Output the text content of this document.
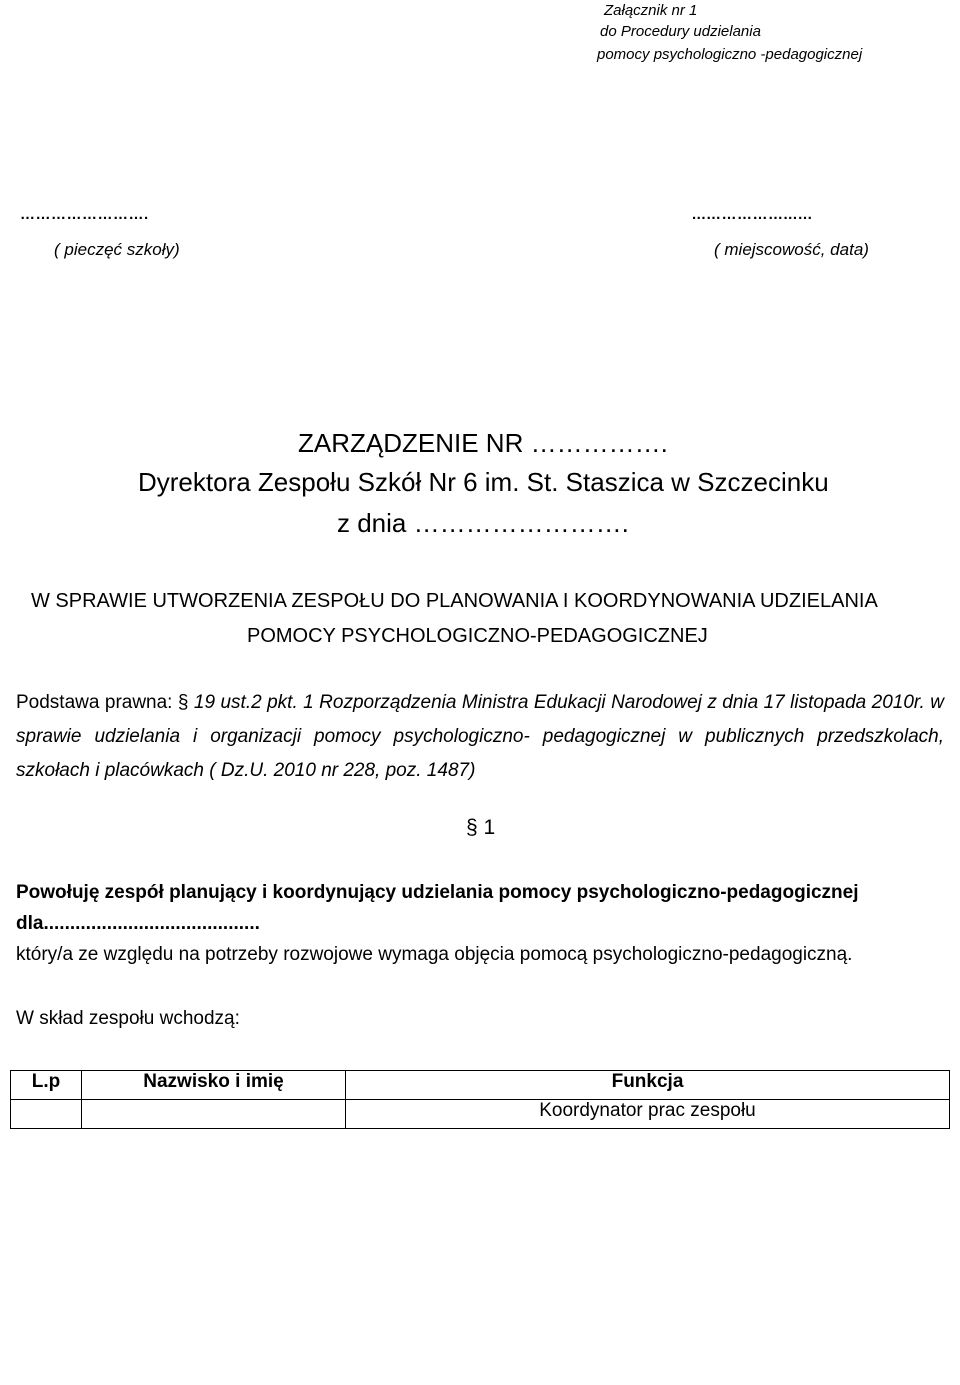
Załącznik nr 1
do Procedury udzielania
pomocy psychologiczno -pedagogicznej
…………………….
( pieczęć szkoły)
...……………...…
( miejscowość, data)
ZARZĄDZENIE NR …………….
Dyrektora Zespołu Szkół Nr 6 im. St. Staszica w Szczecinku
z dnia …………………….
W SPRAWIE UTWORZENIA ZESPOŁU DO PLANOWANIA I KOORDYNOWANIA UDZIELANIA
POMOCY PSYCHOLOGICZNO-PEDAGOGICZNEJ
Podstawa prawna: § 19 ust.2 pkt. 1 Rozporządzenia Ministra Edukacji Narodowej z dnia 17 listopada 2010r. w sprawie udzielania i organizacji pomocy psychologiczno- pedagogicznej w publicznych przedszkolach, szkołach i placówkach ( Dz.U. 2010 nr 228, poz. 1487)
§ 1
Powołuję zespół planujący i koordynujący udzielania pomocy psychologiczno-pedagogicznej
dla.........................................
który/a ze względu na potrzeby rozwojowe wymaga objęcia pomocą psychologiczno-pedagogiczną.
W skład zespołu wchodzą:
L.p	Nazwisko i imię	Funkcja
		Koordynator prac zespołu
